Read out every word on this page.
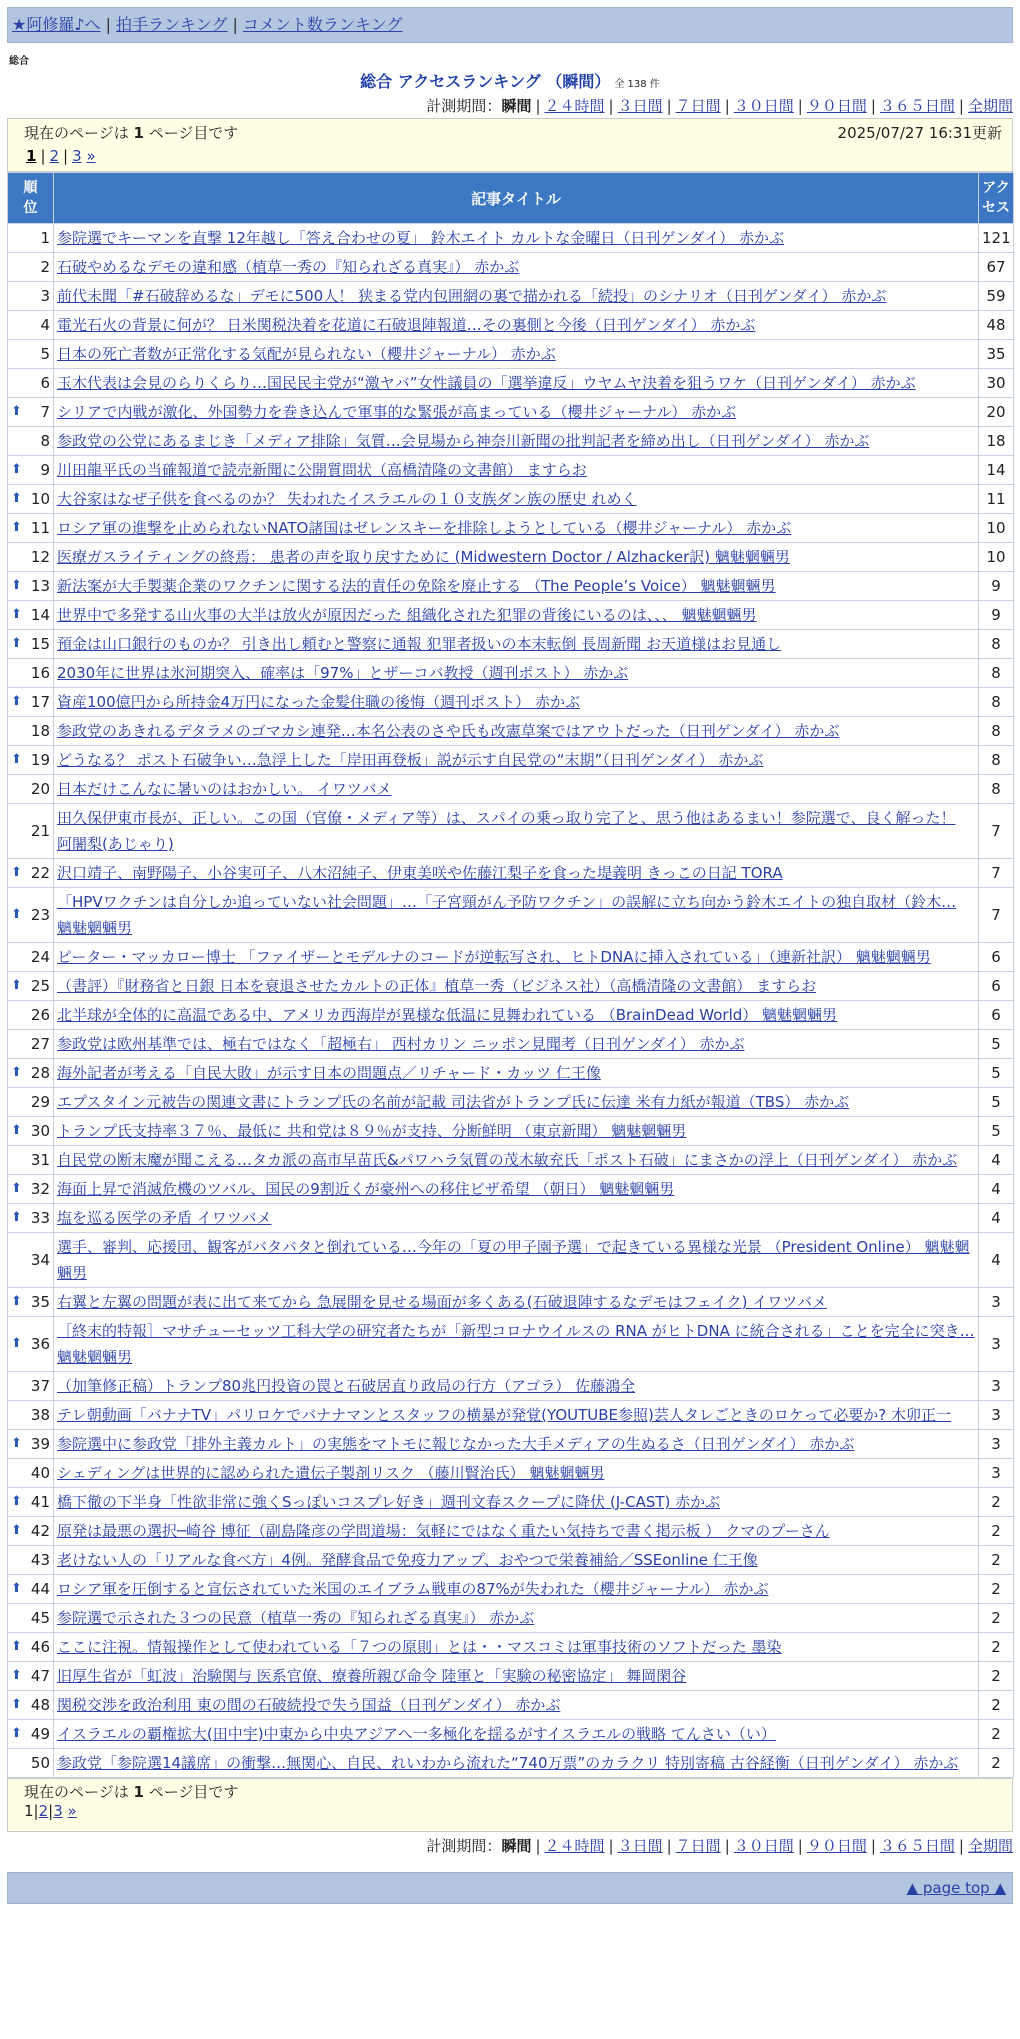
★阿修羅♪へ | 拍手ランキング | コメント数ランキング
総合
総合 アクセスランキング （瞬間） 全 138 件
計測期間：瞬間 | ２４時間 | ３日間 | ７日間 | ３０日間 | ９０日間 | ３６５日間 | 全期間
現在のページは 1 ページ目です	2025/07/27 16:31更新
1 | 2 | 3 »
順位	記事タイトル	アクセス
1	参院選でキーマンを直撃 12年越し「答え合わせの夏」 鈴木エイト カルトな金曜日（日刊ゲンダイ） 赤かぶ	121
2	石破やめるなデモの違和感（植草一秀の『知られざる真実』） 赤かぶ	67
3	前代未聞「#石破辞めるな」デモに500人！ 狭まる党内包囲網の裏で描かれる「続投」のシナリオ（日刊ゲンダイ） 赤かぶ	59
4	電光石火の背景に何が？ 日米関税決着を花道に石破退陣報道…その裏側と今後（日刊ゲンダイ） 赤かぶ	48
5	日本の死亡者数が正常化する気配が見られない（櫻井ジャーナル） 赤かぶ	35
6	玉木代表は会見のらりくらり…国民民主党が“激ヤバ”女性議員の「選挙違反」ウヤムヤ決着を狙うワケ（日刊ゲンダイ） 赤かぶ	30

⬆ 7	シリアで内戦が激化、外国勢力を巻き込んで軍事的な緊張が高まっている（櫻井ジャーナル） 赤かぶ	20
8	参政党の公党にあるまじき「メディア排除」気質…会見場から神奈川新聞の批判記者を締め出し（日刊ゲンダイ） 赤かぶ	18

⬆ 9	川田龍平氏の当確報道で読売新聞に公開質問状（高橋清隆の文書館） ますらお	14

⬆ 10	大谷家はなぜ子供を食べるのか？ 失われたイスラエルの１０支族ダン族の歴史 れめく	11

⬆ 11	ロシア軍の進撃を止められないNATO諸国はゼレンスキーを排除しようとしている（櫻井ジャーナル） 赤かぶ	10
12	医療ガスライティングの終焉： 患者の声を取り戻すために (Midwestern Doctor / Alzhacker訳) 魑魅魍魎男	10

⬆ 13	新法案が大手製薬企業のワクチンに関する法的責任の免除を廃止する （The People’s Voice） 魑魅魍魎男	9

⬆ 14	世界中で多発する山火事の大半は放火が原因だった 組織化された犯罪の背後にいるのは、、、 魑魅魍魎男	9

⬆ 15	預金は山口銀行のものか？ 引き出し頼むと警察に通報 犯罪者扱いの本末転倒 長周新聞 お天道様はお見通し	8
16	2030年に世界は氷河期突入、確率は「97%」とザーコバ教授（週刊ポスト） 赤かぶ	8

⬆ 17	資産100億円から所持金4万円になった金髪住職の後悔（週刊ポスト） 赤かぶ	8
18	参政党のあきれるデタラメのゴマカシ連発…本名公表のさや氏も改憲草案ではアウトだった（日刊ゲンダイ） 赤かぶ	8

⬆ 19	どうなる？ ポスト石破争い…急浮上した「岸田再登板」説が示す自民党の“末期”（日刊ゲンダイ） 赤かぶ	8
20	日本だけこんなに暑いのはおかしい。 イワツバメ	8
21	田久保伊東市長が、正しい。この国（官僚・メディア等）は、スパイの乗っ取り完了と、思う他はあるまい！参院選で、良く解った！ 阿闍梨(あじゃり)	7

⬆ 22	沢口靖子、南野陽子、小谷実可子、八木沼純子、伊東美咲や佐藤江梨子を食った堤義明 きっこの日記 TORA	7

⬆ 23	「HPVワクチンは自分しか追っていない社会問題」…「子宮頸がん予防ワクチン」の誤解に立ち向かう鈴木エイトの独自取材（鈴木… 魑魅魍魎男	7
24	ピーター・マッカロー博士 「ファイザーとモデルナのコードが逆転写され、ヒトDNAに挿入されている」（連新社訳） 魑魅魍魎男	6

⬆ 25	（書評）『財務省と日銀 日本を衰退させたカルトの正体』植草一秀（ビジネス社）（高橋清隆の文書館） ますらお	6
26	北半球が全体的に高温である中、アメリカ西海岸が異様な低温に見舞われている （BrainDead World） 魑魅魍魎男	6
27	参政党は欧州基準では、極右ではなく「超極右」 西村カリン ニッポン見聞考（日刊ゲンダイ） 赤かぶ	5

⬆ 28	海外記者が考える「自民大敗」が示す日本の問題点／リチャード・カッツ 仁王像	5
29	エプスタイン元被告の関連文書にトランプ氏の名前が記載 司法省がトランプ氏に伝達 米有力紙が報道（TBS） 赤かぶ	5

⬆ 30	トランプ氏支持率３７％、最低に 共和党は８９％が支持、分断鮮明 （東京新聞） 魑魅魍魎男	5
31	自民党の断末魔が聞こえる…タカ派の高市早苗氏&パワハラ気質の茂木敏充氏「ポスト石破」にまさかの浮上（日刊ゲンダイ） 赤かぶ	4

⬆ 32	海面上昇で消滅危機のツバル、国民の9割近くが豪州への移住ビザ希望 （朝日） 魑魅魍魎男	4

⬆ 33	塩を巡る医学の矛盾 イワツバメ	4
34	選手、審判、応援団、観客がバタバタと倒れている…今年の「夏の甲子園予選」で起きている異様な光景 （President Online） 魑魅魍魎男	4

⬆ 35	右翼と左翼の問題が表に出て来てから 急展開を見せる場面が多くある(石破退陣するなデモはフェイク) イワツバメ	3

⬆ 36	［終末的特報］マサチューセッツ工科大学の研究者たちが「新型コロナウイルスの RNA がヒトDNA に統合される」ことを完全に突き… 魑魅魍魎男	3
37	（加筆修正稿）トランプ80兆円投資の罠と石破居直り政局の行方（アゴラ） 佐藤鴻全	3
38	テレ朝動画「バナナTV」パリロケでバナナマンとスタッフの横暴が発覚(YOUTUBE参照)芸人タレごときのロケって必要か? 木卯正一	3

⬆ 39	参院選中に参政党「排外主義カルト」の実態をマトモに報じなかった大手メディアの生ぬるさ（日刊ゲンダイ） 赤かぶ	3
40	シェディングは世界的に認められた遺伝子製剤リスク （藤川賢治氏） 魑魅魍魎男	3

⬆ 41	橋下徹の下半身「性欲非常に強くSっぽいコスプレ好き」週刊文春スクープに降伏 (J-CAST) 赤かぶ	2

⬆ 42	原発は最悪の選択─崎谷 博征（副島隆彦の学問道場：気軽にではなく重たい気持ちで書く掲示板 ） クマのプーさん	2
43	老けない人の「リアルな食べ方」4例。発酵食品で免疫力アップ、おやつで栄養補給／SSEonline 仁王像	2

⬆ 44	ロシア軍を圧倒すると宣伝されていた米国のエイブラム戦車の87%が失われた（櫻井ジャーナル） 赤かぶ	2
45	参院選で示された３つの民意（植草一秀の『知られざる真実』） 赤かぶ	2

⬆ 46	ここに注視。情報操作として使われている「７つの原則」とは・・マスコミは軍事技術のソフトだった 墨染	2

⬆ 47	旧厚生省が「虹波」治験関与 医系官僚、療養所親び命令 陸軍と「実験の秘密協定」 舞岡閑谷	2

⬆ 48	関税交渉を政治利用 東の間の石破続投で失う国益（日刊ゲンダイ） 赤かぶ	2

⬆ 49	イスラエルの覇権拡大(田中宇)中東から中央アジアへ一多極化を揺るがすイスラエルの戦略 てんさい（い）	2
50	参政党「参院選14議席」の衝撃…無関心、自民、れいわから流れた“740万票”のカラクリ 特別寄稿 古谷経衡（日刊ゲンダイ） 赤かぶ	2
現在のページは 1 ページ目です
1|2|3 »
計測期間：瞬間 | ２４時間 | ３日間 | ７日間 | ３０日間 | ９０日間 | ３６５日間 | 全期間
▲ page top ▲
